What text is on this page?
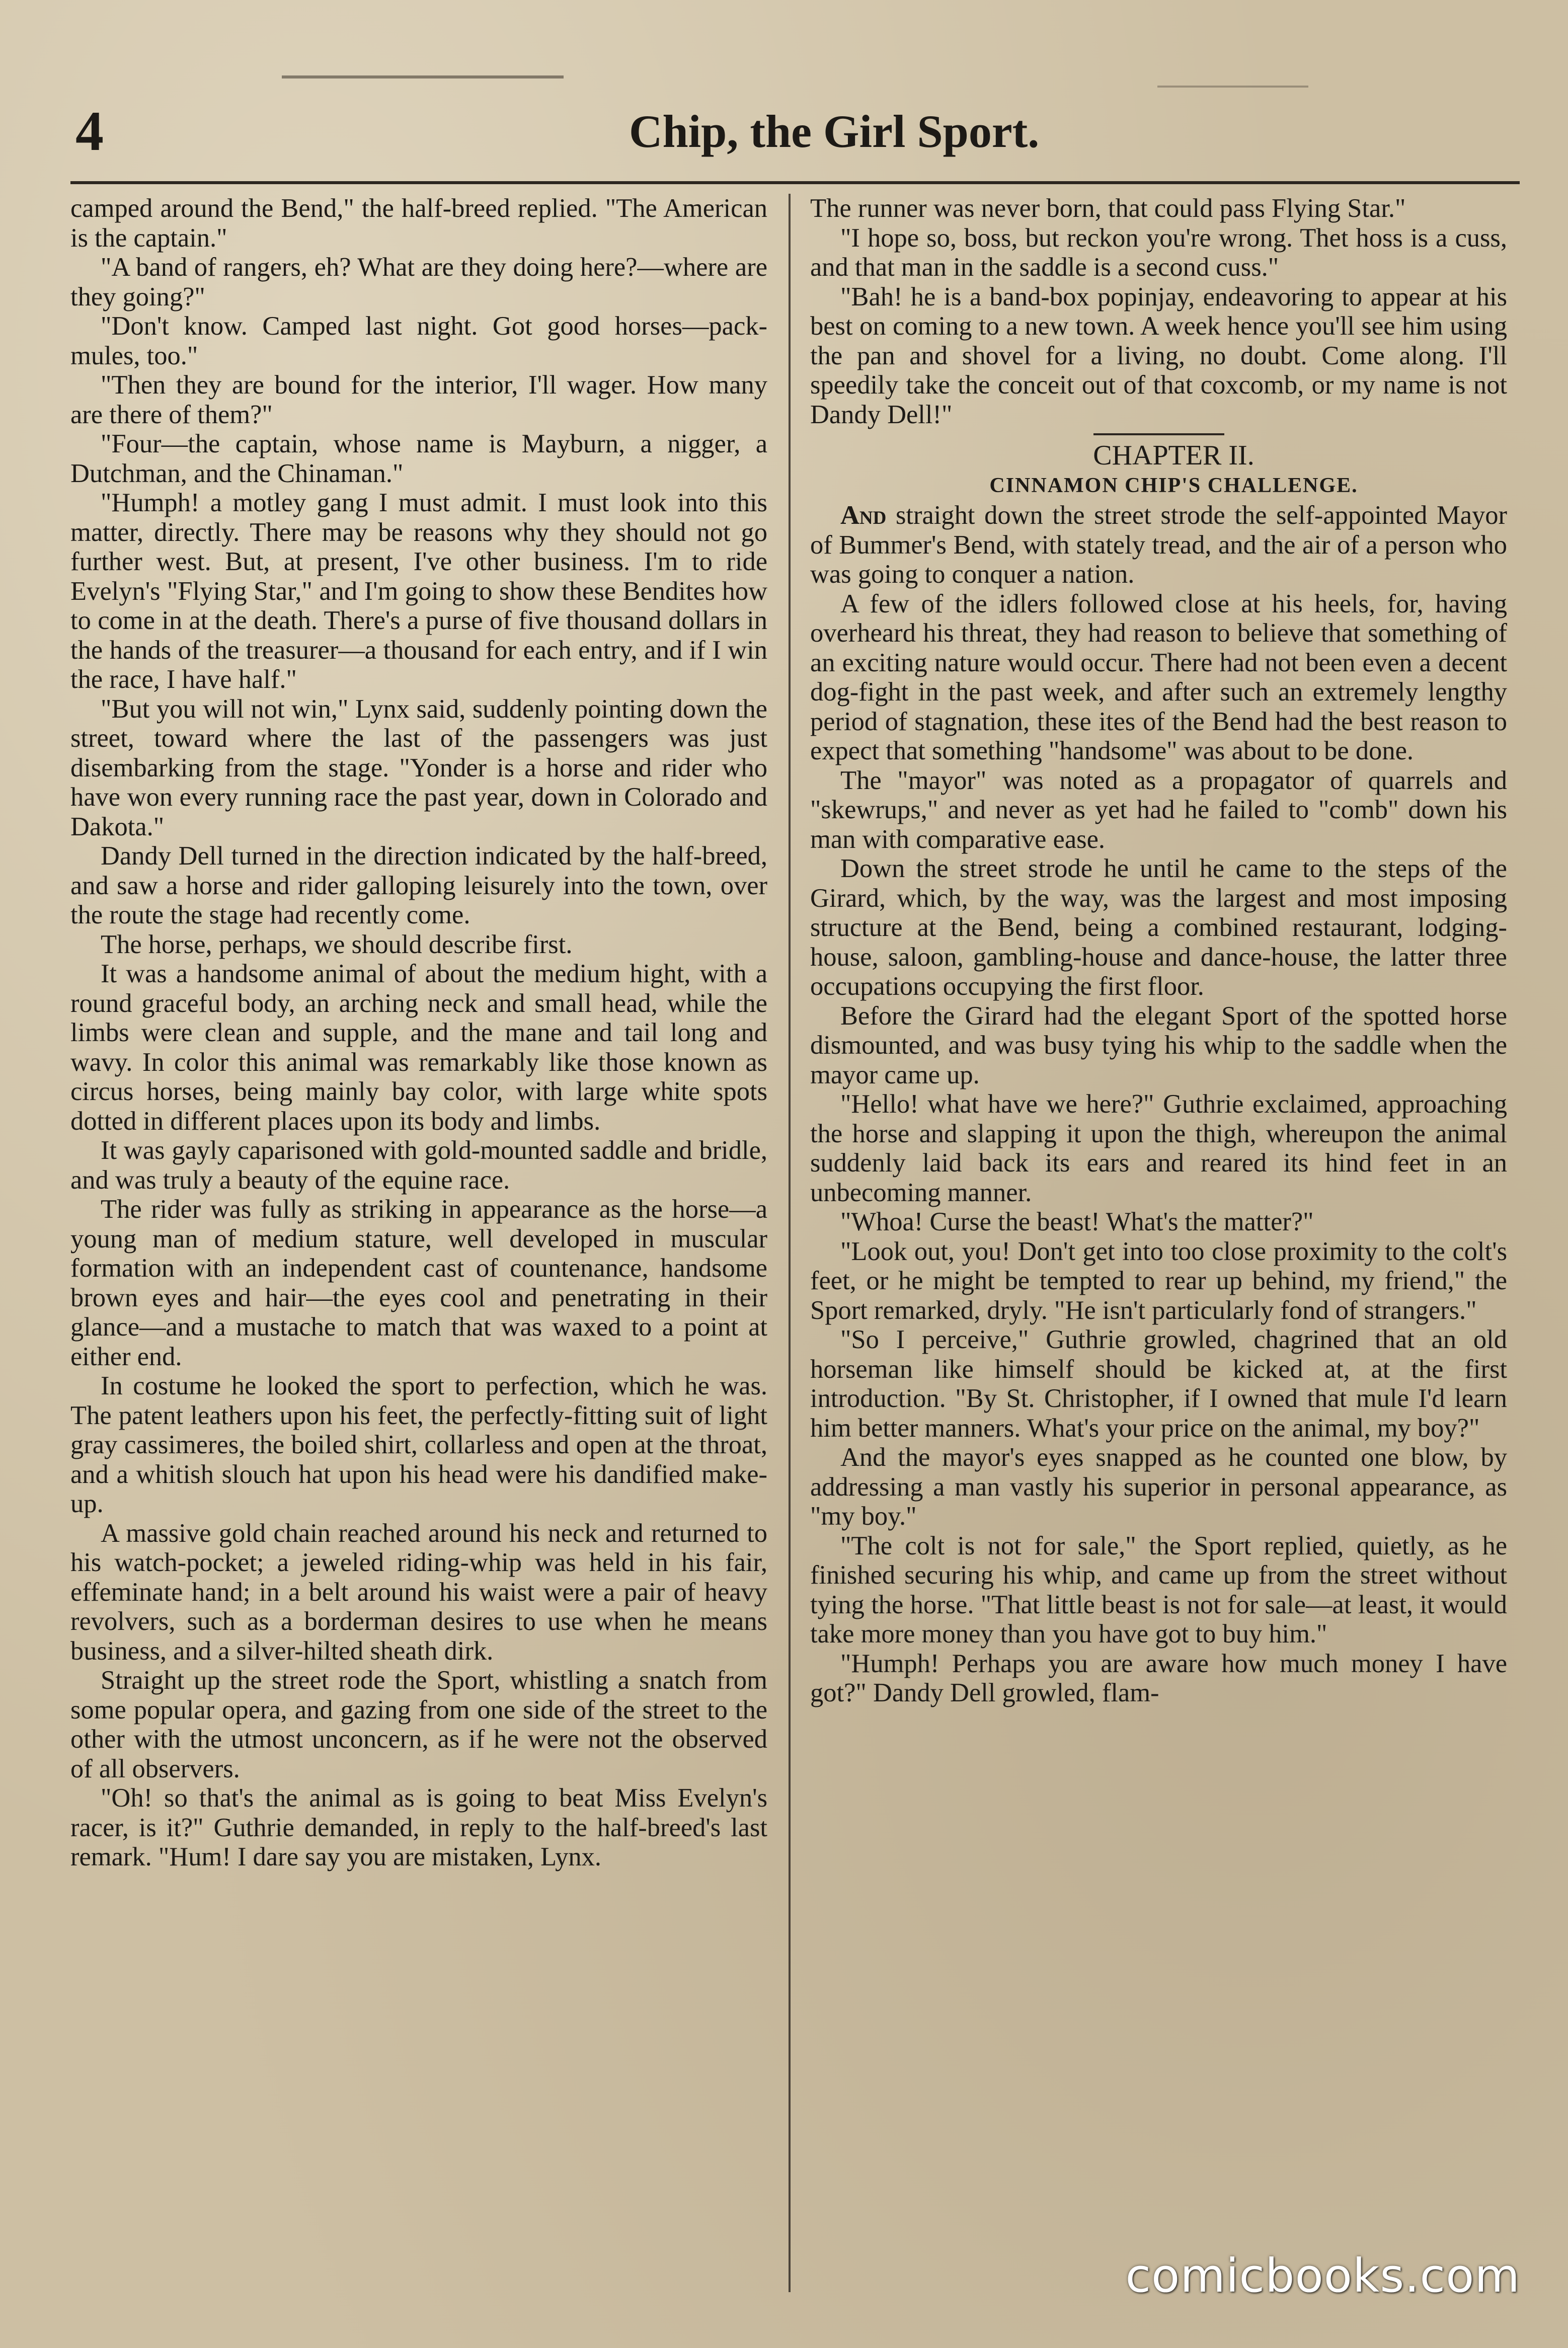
4	Chip, the Girl Sport.

camped around the Bend," the half-breed replied. "The American is the captain."

"A band of rangers, eh? What are they doing here?—where are they going?"

"Don't know. Camped last night. Got good horses—pack-mules, too."

"Then they are bound for the interior, I'll wager. How many are there of them?"

"Four—the captain, whose name is Mayburn, a nigger, a Dutchman, and the Chinaman."

"Humph! a motley gang I must admit. I must look into this matter, directly. There may be reasons why they should not go further west. But, at present, I've other business. I'm to ride Evelyn's "Flying Star," and I'm going to show these Bendites how to come in at the death. There's a purse of five thousand dollars in the hands of the treasurer—a thousand for each entry, and if I win the race, I have half."

"But you will not win," Lynx said, suddenly pointing down the street, toward where the last of the passengers was just disembarking from the stage. "Yonder is a horse and rider who have won every running race the past year, down in Colorado and Dakota."

Dandy Dell turned in the direction indicated by the half-breed, and saw a horse and rider galloping leisurely into the town, over the route the stage had recently come.

The horse, perhaps, we should describe first.

It was a handsome animal of about the medium hight, with a round graceful body, an arching neck and small head, while the limbs were clean and supple, and the mane and tail long and wavy. In color this animal was remarkably like those known as circus horses, being mainly bay color, with large white spots dotted in different places upon its body and limbs.

It was gayly caparisoned with gold-mounted saddle and bridle, and was truly a beauty of the equine race.

The rider was fully as striking in appearance as the horse—a young man of medium stature, well developed in muscular formation with an independent cast of countenance, handsome brown eyes and hair—the eyes cool and penetrating in their glance—and a mustache to match that was waxed to a point at either end.

In costume he looked the sport to perfection, which he was. The patent leathers upon his feet, the perfectly-fitting suit of light gray cassimeres, the boiled shirt, collarless and open at the throat, and a whitish slouch hat upon his head were his dandified make-up.

A massive gold chain reached around his neck and returned to his watch-pocket; a jeweled riding-whip was held in his fair, effeminate hand; in a belt around his waist were a pair of heavy revolvers, such as a borderman desires to use when he means business, and a silver-hilted sheath dirk.

Straight up the street rode the Sport, whistling a snatch from some popular opera, and gazing from one side of the street to the other with the utmost unconcern, as if he were not the observed of all observers.

"Oh! so that's the animal as is going to beat Miss Evelyn's racer, is it?" Guthrie demanded, in reply to the half-breed's last remark. "Hum! I dare say you are mistaken, Lynx.

The runner was never born, that could pass Flying Star."

"I hope so, boss, but reckon you're wrong. Thet hoss is a cuss, and that man in the saddle is a second cuss."

"Bah! he is a band-box popinjay, endeavoring to appear at his best on coming to a new town. A week hence you'll see him using the pan and shovel for a living, no doubt. Come along. I'll speedily take the conceit out of that coxcomb, or my name is not Dandy Dell!"

CHAPTER II.

CINNAMON CHIP'S CHALLENGE.

And straight down the street strode the self-appointed Mayor of Bummer's Bend, with stately tread, and the air of a person who was going to conquer a nation.

A few of the idlers followed close at his heels, for, having overheard his threat, they had reason to believe that something of an exciting nature would occur. There had not been even a decent dog-fight in the past week, and after such an extremely lengthy period of stagnation, these ites of the Bend had the best reason to expect that something "handsome" was about to be done.

The "mayor" was noted as a propagator of quarrels and "skewrups," and never as yet had he failed to "comb" down his man with comparative ease.

Down the street strode he until he came to the steps of the Girard, which, by the way, was the largest and most imposing structure at the Bend, being a combined restaurant, lodging-house, saloon, gambling-house and dance-house, the latter three occupations occupying the first floor.

Before the Girard had the elegant Sport of the spotted horse dismounted, and was busy tying his whip to the saddle when the mayor came up.

"Hello! what have we here?" Guthrie exclaimed, approaching the horse and slapping it upon the thigh, whereupon the animal suddenly laid back its ears and reared its hind feet in an unbecoming manner.

"Whoa! Curse the beast! What's the matter?"

"Look out, you! Don't get into too close proximity to the colt's feet, or he might be tempted to rear up behind, my friend," the Sport remarked, dryly. "He isn't particularly fond of strangers."

"So I perceive," Guthrie growled, chagrined that an old horseman like himself should be kicked at, at the first introduction. "By St. Christopher, if I owned that mule I'd learn him better manners. What's your price on the animal, my boy?"

And the mayor's eyes snapped as he counted one blow, by addressing a man vastly his superior in personal appearance, as "my boy."

"The colt is not for sale," the Sport replied, quietly, as he finished securing his whip, and came up from the street without tying the horse. "That little beast is not for sale—at least, it would take more money than you have got to buy him."

"Humph! Perhaps you are aware how much money I have got?" Dandy Dell growled, flam-

comicbooks.com
